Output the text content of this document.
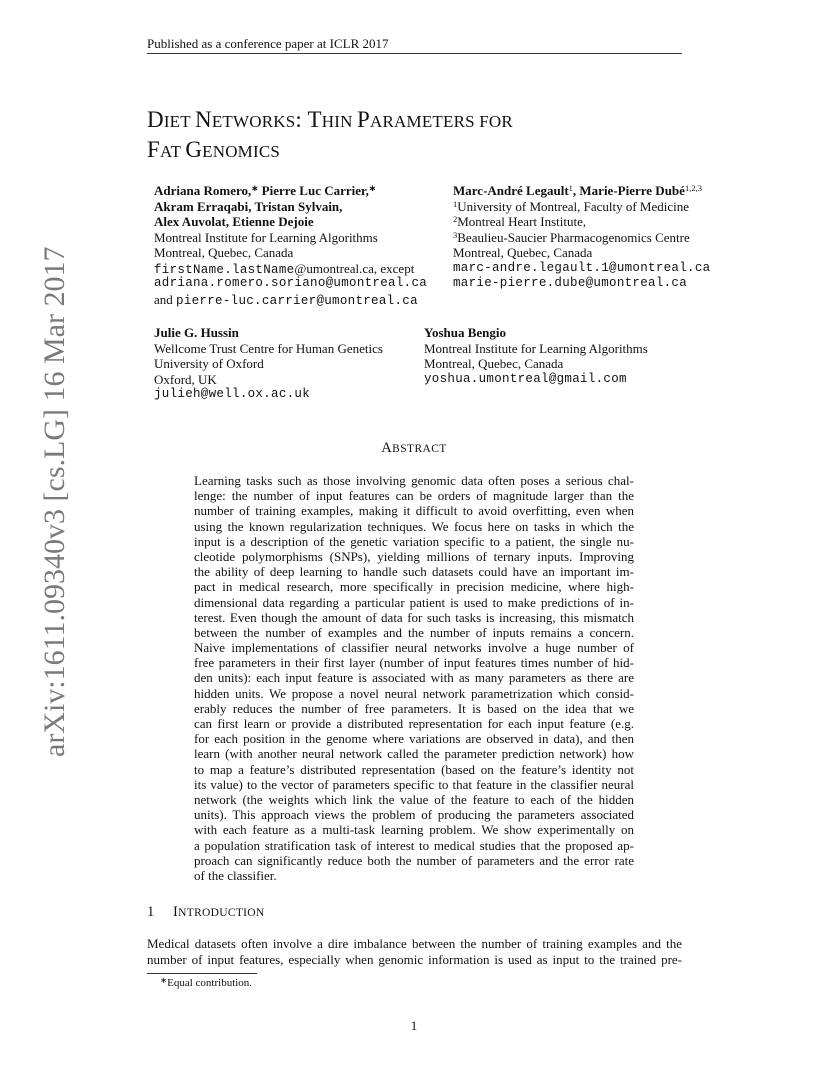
Published as a conference paper at ICLR 2017
arXiv:1611.09340v3 [cs.LG] 16 Mar 2017
DIET NETWORKS: THIN PARAMETERS FOR
FAT GENOMICS
Adriana Romero,∗ Pierre Luc Carrier,∗
Akram Erraqabi, Tristan Sylvain,
Alex Auvolat, Etienne Dejoie
Montreal Institute for Learning Algorithms
Montreal, Quebec, Canada
firstName.lastName@umontreal.ca, except
adriana.romero.soriano@umontreal.ca
and pierre-luc.carrier@umontreal.ca
Marc-André Legault$^1$, Marie-Pierre Dubé$^{1,2,3}$
$^1$University of Montreal, Faculty of Medicine
$^2$Montreal Heart Institute,
$^3$Beaulieu-Saucier Pharmacogenomics Centre
Montreal, Quebec, Canada
marc-andre.legault.1@umontreal.ca
marie-pierre.dube@umontreal.ca
Julie G. Hussin
Wellcome Trust Centre for Human Genetics
University of Oxford
Oxford, UK
julieh@well.ox.ac.uk
Yoshua Bengio
Montreal Institute for Learning Algorithms
Montreal, Quebec, Canada
yoshua.umontreal@gmail.com
ABSTRACT
Learning tasks such as those involving genomic data often poses a serious chal-
lenge: the number of input features can be orders of magnitude larger than the
number of training examples, making it difficult to avoid overfitting, even when
using the known regularization techniques. We focus here on tasks in which the
input is a description of the genetic variation specific to a patient, the single nu-
cleotide polymorphisms (SNPs), yielding millions of ternary inputs. Improving
the ability of deep learning to handle such datasets could have an important im-
pact in medical research, more specifically in precision medicine, where high-
dimensional data regarding a particular patient is used to make predictions of in-
terest. Even though the amount of data for such tasks is increasing, this mismatch
between the number of examples and the number of inputs remains a concern.
Naive implementations of classifier neural networks involve a huge number of
free parameters in their first layer (number of input features times number of hid-
den units): each input feature is associated with as many parameters as there are
hidden units. We propose a novel neural network parametrization which consid-
erably reduces the number of free parameters. It is based on the idea that we
can first learn or provide a distributed representation for each input feature (e.g.
for each position in the genome where variations are observed in data), and then
learn (with another neural network called the parameter prediction network) how
to map a feature’s distributed representation (based on the feature’s identity not
its value) to the vector of parameters specific to that feature in the classifier neural
network (the weights which link the value of the feature to each of the hidden
units). This approach views the problem of producing the parameters associated
with each feature as a multi-task learning problem. We show experimentally on
a population stratification task of interest to medical studies that the proposed ap-
proach can significantly reduce both the number of parameters and the error rate
of the classifier.
1 INTRODUCTION
Medical datasets often involve a dire imbalance between the number of training examples and the
number of input features, especially when genomic information is used as input to the trained pre-
∗Equal contribution.
1
